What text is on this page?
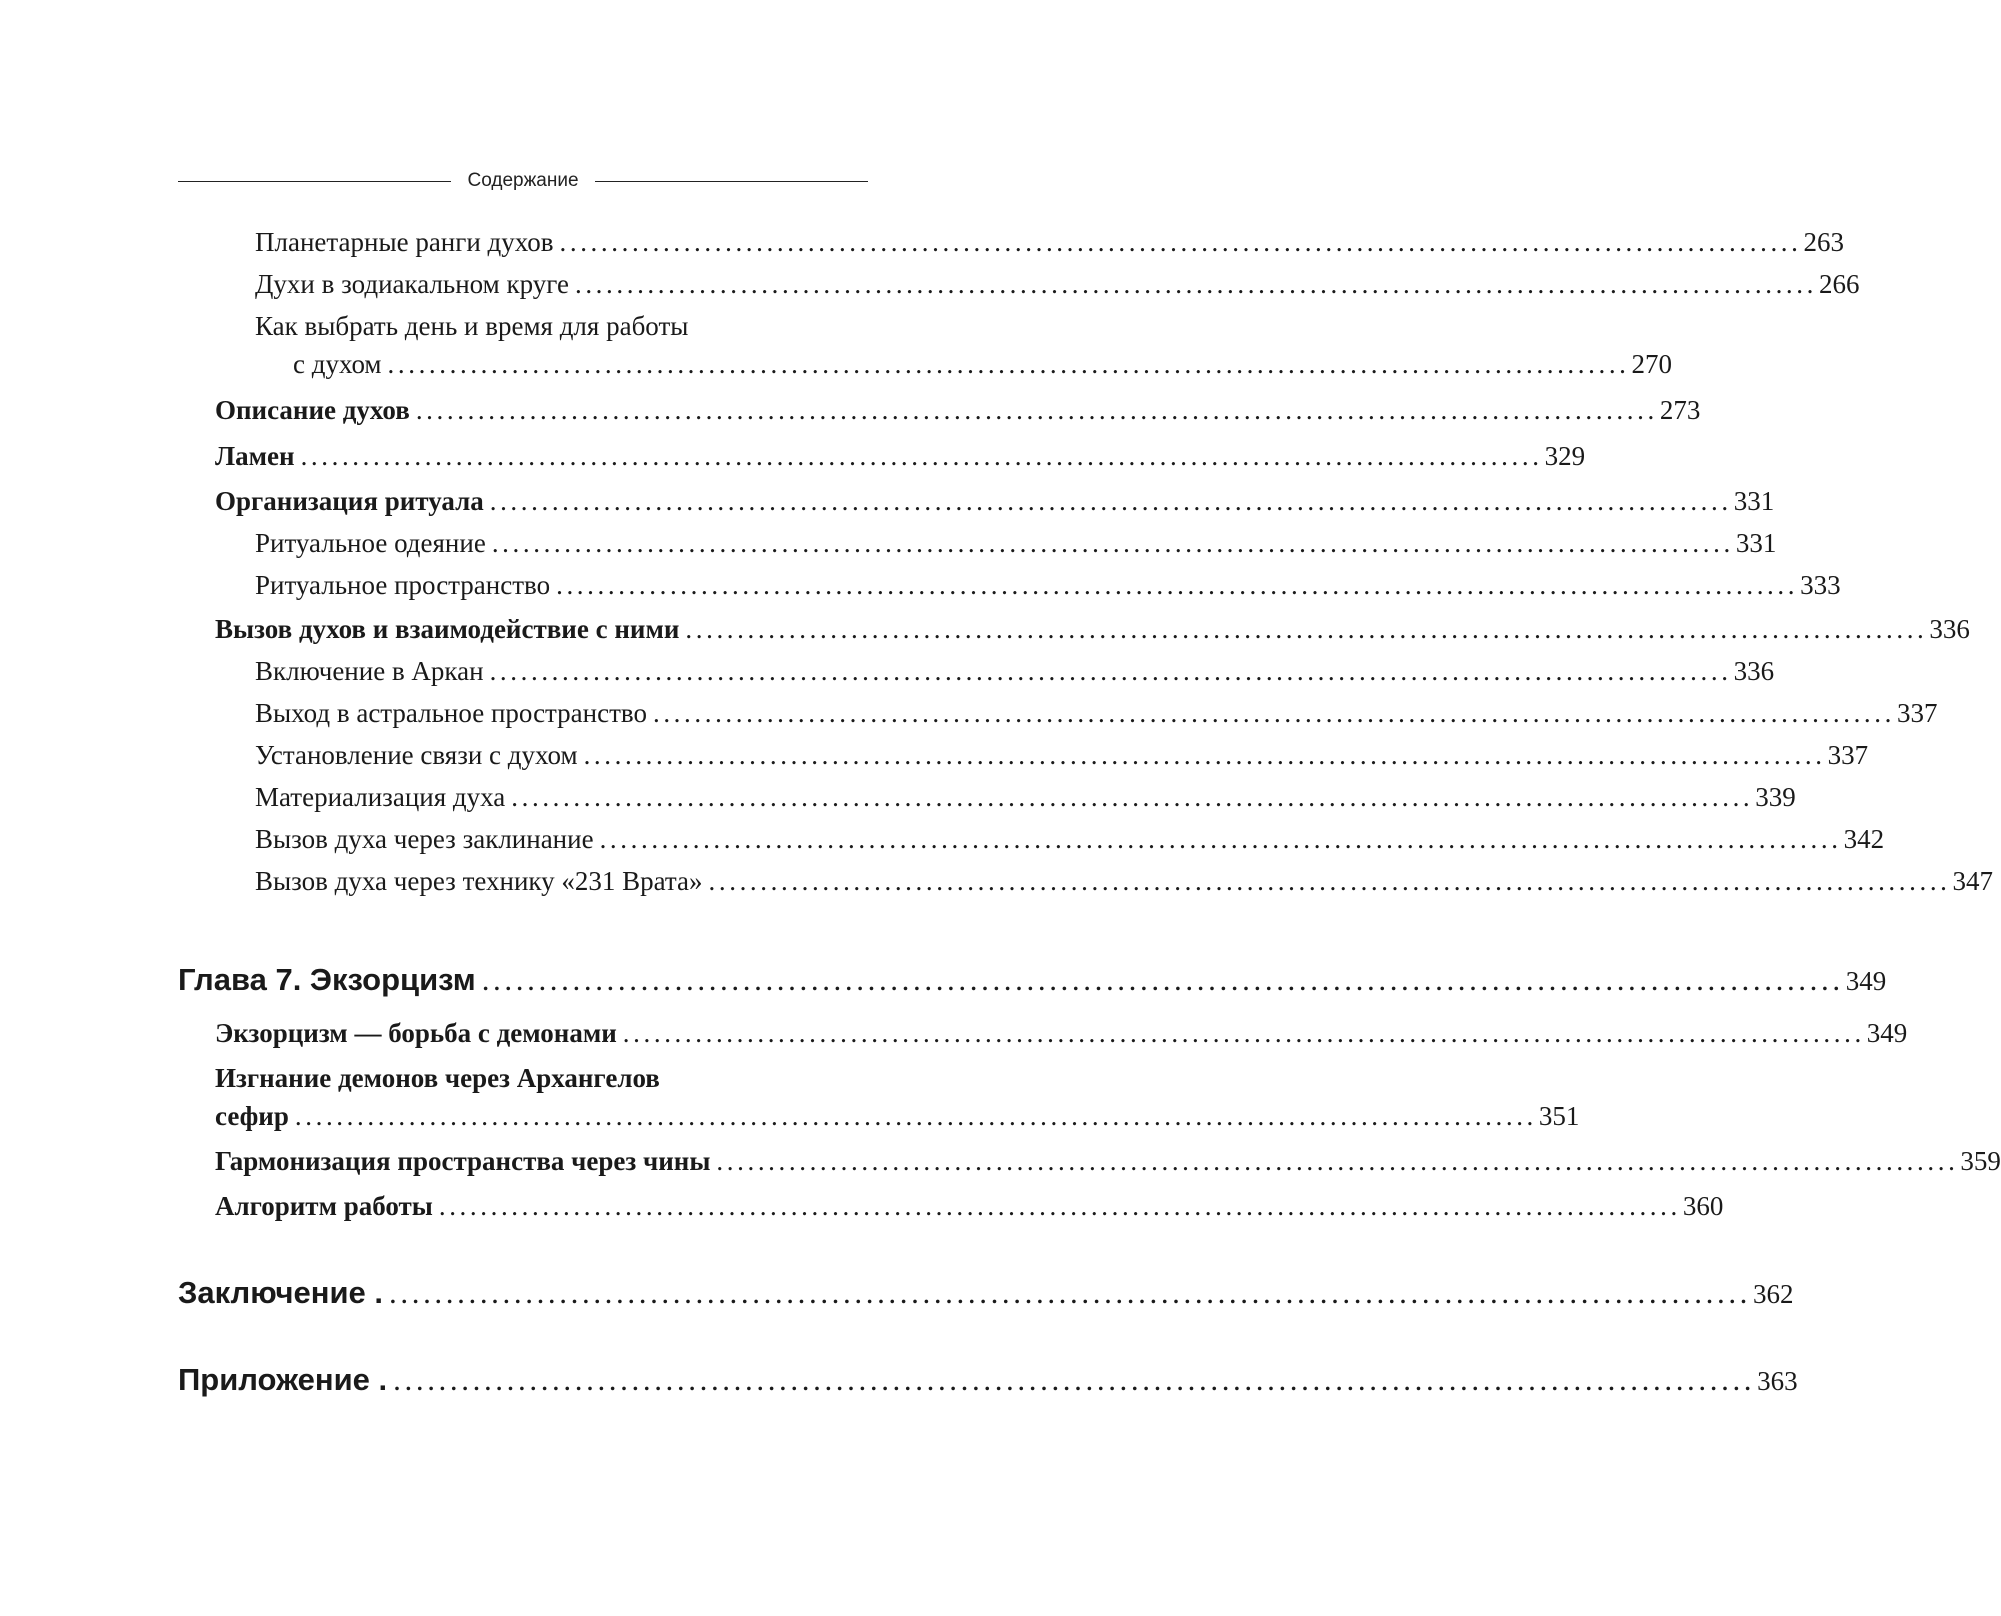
Содержание
Планетарные ранги духов ........................................................................................................................ 263
Духи в зодиакальном круге ........................................................................................................................ 266
Как выбрать день и время для работы
с духом ........................................................................................................................ 270
Описание духов ........................................................................................................................ 273
Ламен ........................................................................................................................ 329
Организация ритуала ........................................................................................................................ 331
Ритуальное одеяние ........................................................................................................................ 331
Ритуальное пространство ........................................................................................................................ 333
Вызов духов и взаимодействие с ними ........................................................................................................................ 336
Включение в Аркан ........................................................................................................................ 336
Выход в астральное пространство ........................................................................................................................ 337
Установление связи с духом ........................................................................................................................ 337
Материализация духа ........................................................................................................................ 339
Вызов духа через заклинание ........................................................................................................................ 342
Вызов духа через технику «231 Врата» ........................................................................................................................ 347
Глава 7. Экзорцизм ........................................................................................................................ 349
Экзорцизм — борьба с демонами ........................................................................................................................ 349
Изгнание демонов через Архангелов
сефир ........................................................................................................................ 351
Гармонизация пространства через чины ........................................................................................................................ 359
Алгоритм работы ........................................................................................................................ 360
Заключение . ........................................................................................................................ 362
Приложение . ........................................................................................................................ 363
